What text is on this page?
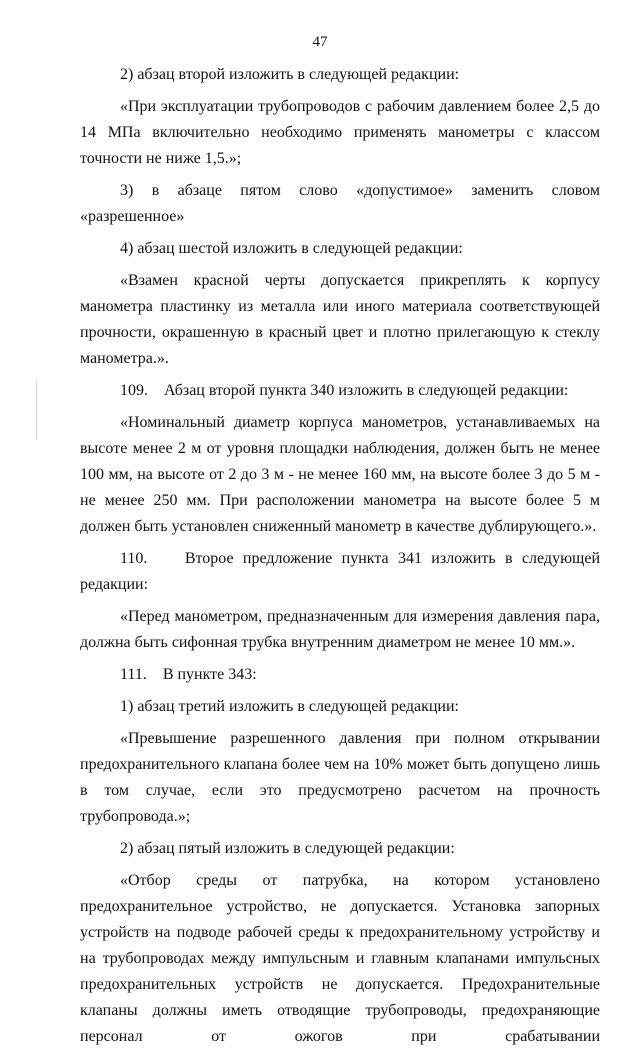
47

2) абзац второй изложить в следующей редакции:

«При эксплуатации трубопроводов с рабочим давлением более 2,5 до 14 МПа включительно необходимо применять манометры с классом точности не ниже 1,5.»;

3) в абзаце пятом слово «допустимое» заменить словом «разрешенное»

4) абзац шестой изложить в следующей редакции:

«Взамен красной черты допускается прикреплять к корпусу манометра пластинку из металла или иного материала соответствующей прочности, окрашенную в красный цвет и плотно прилегающую к стеклу манометра.».

109.    Абзац второй пункта 340 изложить в следующей редакции:

«Номинальный диаметр корпуса манометров, устанавливаемых на высоте менее 2 м от уровня площадки наблюдения, должен быть не менее 100 мм, на высоте от 2 до 3 м - не менее 160 мм, на высоте более 3 до 5 м - не менее 250 мм. При расположении манометра на высоте более 5 м должен быть установлен сниженный манометр в качестве дублирующего.».

110.    Второе предложение пункта 341 изложить в следующей редакции:

«Перед манометром, предназначенным для измерения давления пара, должна быть сифонная трубка внутренним диаметром не менее 10 мм.».

111.    В пункте 343:

1) абзац третий изложить в следующей редакции:

«Превышение разрешенного давления при полном открывании предохранительного клапана более чем на 10% может быть допущено лишь в том случае, если это предусмотрено расчетом на прочность трубопровода.»;

2) абзац пятый изложить в следующей редакции:

«Отбор среды от патрубка, на котором установлено предохранительное устройство, не допускается. Установка запорных устройств на подводе рабочей среды к предохранительному устройству и на трубопроводах между импульсным и главным клапанами импульсных предохранительных устройств не допускается. Предохранительные клапаны должны иметь отводящие трубопроводы, предохраняющие персонал от ожогов при срабатывании
